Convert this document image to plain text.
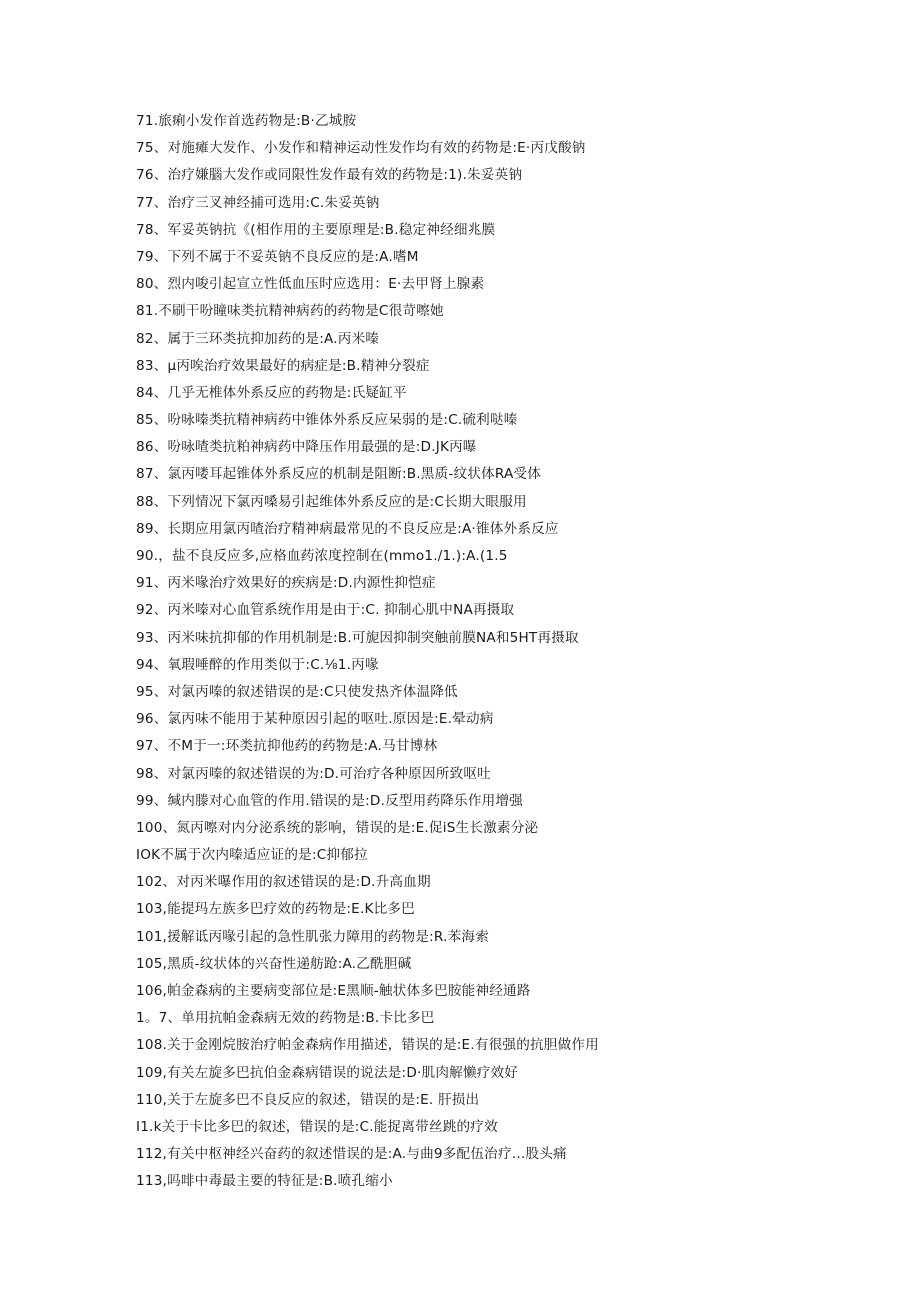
71.旅痢小发作首选药物是:B·乙城胺
75、对施瘫大发作、小发作和精神运动性发作均有效的药物是:E·丙戊酸钠
76、治疗嫌腦大发作或同限性发作最有效的药物是:1).朱妥英钠
77、治疗三叉神经捕可选用:C.朱妥英钠
78、军妥英钠抗《(相作用的主要原理是:B.稳定神经细兆膜
79、下列不属于不妥英钠不良反应的是:A.嗜M
80、烈内唆引起宣立性低血压时应选用：E·去甲肾上腺素
81.不刷干吩瞳味类抗精神病药的药物是C很苛嚓她
82、属于三环类抗抑加药的是:A.丙米嗪
83、μ丙唉治疗效果最好的病症是:B.精神分裂症
84、几乎无椎体外系反应的药物是:氏疑缸平
85、吩咏嗪类抗精神病药中锥体外系反应呆弱的是:C.硫利哒嗪
86、吩咏喳类抗粕神病药中降压作用最强的是:D.JK丙嚗
87、氯丙喽耳起锥体外系反应的机制是阻断:B.黑质-纹状体RA受体
88、下列情况下氯丙嗓易引起维体外系反应的是:C长期大眼服用
89、长期应用氯丙喳治疗精神病最常见的不良反应是:A·锥体外系反应
90.，盐不良反应多,应格血药浓度控制在(mmo1./1.):A.(1.5
91、丙米喙治疗效果好的疾病是:D.内源性抑恺症
92、丙米嗪对心血管系统作用是由于:C. 抑制心肌中NA再摄取
93、丙米味抗抑郁的作用机制是:B.可旎因抑制突触前膜NA和5HT再摄取
94、氧瑕唾醉的作用类似于:C.⅛1.丙喙
95、对氯丙嗪的叙述错误的是:C只使发热齐体温降低
96、氯丙味不能用于某种原因引起的呕吐.原因是:E.晕动病
97、不M于一:环类抗抑他药的药物是:A.马甘博林
98、对氯丙嗪的叙述错误的为:D.可治疗各种原因所致呕吐
99、缄内滕对心血管的作用.错误的是:D.反型用药降乐作用增强
100、氮丙嚓对内分泌系统的影响，错误的是:E.促iS生长激素分泌
IOK不属于次内嗪适应证的是:C抑郁拉
102、对丙米嚗作用的叙述错误的是:D.升高血期
103,能提玛左族多巴疗效的药物是:E.K比多巴
101,援解诋丙喙引起的急性肌张力障用的药物是:R.苯海索
105,黑质-纹状体的兴奋性递舫跄:A.乙酰胆碱
106,帕金森病的主要病变部位是:E黑顺-触状体多巴胺能神经通路
1。7、单用抗帕金森病无效的药物是:B.卡比多巴
108.关于金刚烷胺治疗帕金森病作用描述，错误的是:E.有很强的抗胆做作用
109,有关左旋多巴抗伯金森病错误的说法是:D·肌肉解懒疗效好
110,关于左旋多巴不良反应的叙述，错误的是:E. 肝损出
I1.k关于卡比多巴的叙述，错误的是:C.能捉离带丝跳的疗效
112,有关中枢神经兴奋药的叙述惜误的是:A.与曲9多配伍治疗…股头痛
113,吗啡中毒最主要的特征是:B.喷孔缩小
